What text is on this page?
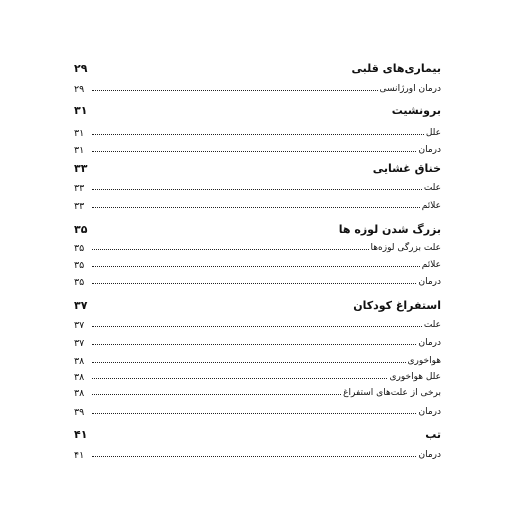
بیماری‌های قلبی
۲۹
درمان اورژانسی
۲۹
برونشیت
۳۱
علل
۳۱
درمان
۳۱
خناق غشایی
۳۳
علت
۳۳
علائم
۳۳
بزرگ شدن لوزه ها
۳۵
علت بزرگی لوزه‌ها
۳۵
علائم
۳۵
درمان
۳۵
استفراغ کودکان
۳۷
علت
۳۷
درمان
۳۷
هواخوری
۳۸
علل هواخوری
۳۸
برخی از علت‌های استفراغ
۳۸
درمان
۳۹
تب
۴۱
درمان
۴۱
